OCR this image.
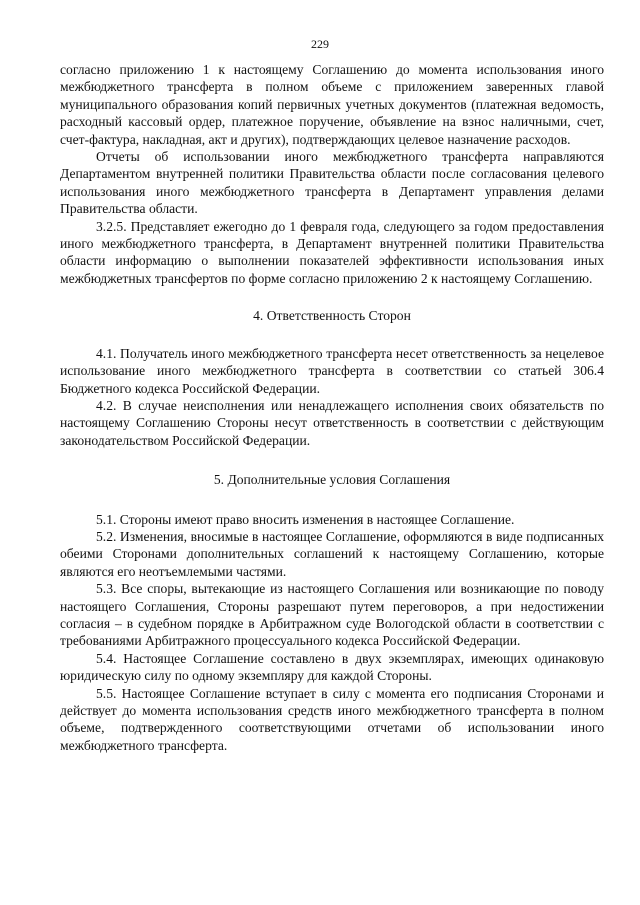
229

согласно приложению 1 к настоящему Соглашению до момента использования иного межбюджетного трансферта в полном объеме с приложением заверенных главой муниципального образования копий первичных учетных документов (платежная ведомость, расходный кассовый ордер, платежное поручение, объявление на взнос наличными, счет, счет-фактура, накладная, акт и других), подтверждающих целевое назначение расходов.

Отчеты об использовании иного межбюджетного трансферта направляются Департаментом внутренней политики Правительства области после согласования целевого использования иного межбюджетного трансферта в Департамент управления делами Правительства области.

3.2.5. Представляет ежегодно до 1 февраля года, следующего за годом предоставления иного межбюджетного трансферта, в Департамент внутренней политики Правительства области информацию о выполнении показателей эффективности использования иных межбюджетных трансфертов по форме согласно приложению 2 к настоящему Соглашению.

4. Ответственность Сторон

4.1. Получатель иного межбюджетного трансферта несет ответственность за нецелевое использование иного межбюджетного трансферта в соответствии со статьей 306.4 Бюджетного кодекса Российской Федерации.

4.2. В случае неисполнения или ненадлежащего исполнения своих обязательств по настоящему Соглашению Стороны несут ответственность в соответствии с действующим законодательством Российской Федерации.

5. Дополнительные условия Соглашения

5.1. Стороны имеют право вносить изменения в настоящее Соглашение.

5.2. Изменения, вносимые в настоящее Соглашение, оформляются в виде подписанных обеими Сторонами дополнительных соглашений к настоящему Соглашению, которые являются его неотъемлемыми частями.

5.3. Все споры, вытекающие из настоящего Соглашения или возникающие по поводу настоящего Соглашения, Стороны разрешают путем переговоров, а при недостижении согласия – в судебном порядке в Арбитражном суде Вологодской области в соответствии с требованиями Арбитражного процессуального кодекса Российской Федерации.

5.4. Настоящее Соглашение составлено в двух экземплярах, имеющих одинаковую юридическую силу по одному экземпляру для каждой Стороны.

5.5. Настоящее Соглашение вступает в силу с момента его подписания Сторонами и действует до момента использования средств иного межбюджетного трансферта в полном объеме, подтвержденного соответствующими отчетами об использовании иного межбюджетного трансферта.
